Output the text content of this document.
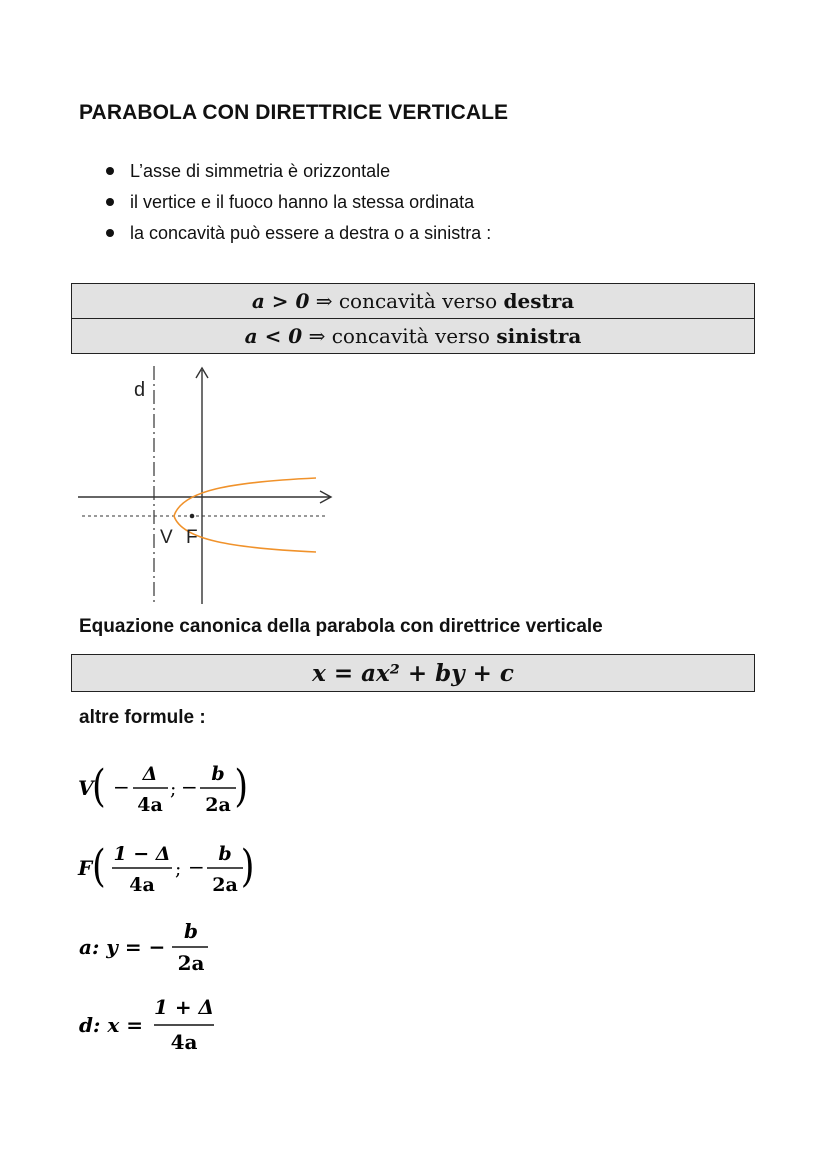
PARABOLA CON DIRETTRICE VERTICALE
L’asse di simmetria è orizzontale
il vertice e il fuoco hanno la stessa ordinata
la concavità può essere a destra o a sinistra :
a > 0 ⇒ concavità verso destra
a < 0 ⇒ concavità verso sinistra
d
V F
Equazione canonica della parabola con direttrice verticale
x = ax² + by + c
altre formule :
V
( −
Δ
4a
; −
b
2a )
F ( 1 − Δ
4a
; −
b
2a )
a: y = −
b
2a
d: x =
1 + Δ
4a
